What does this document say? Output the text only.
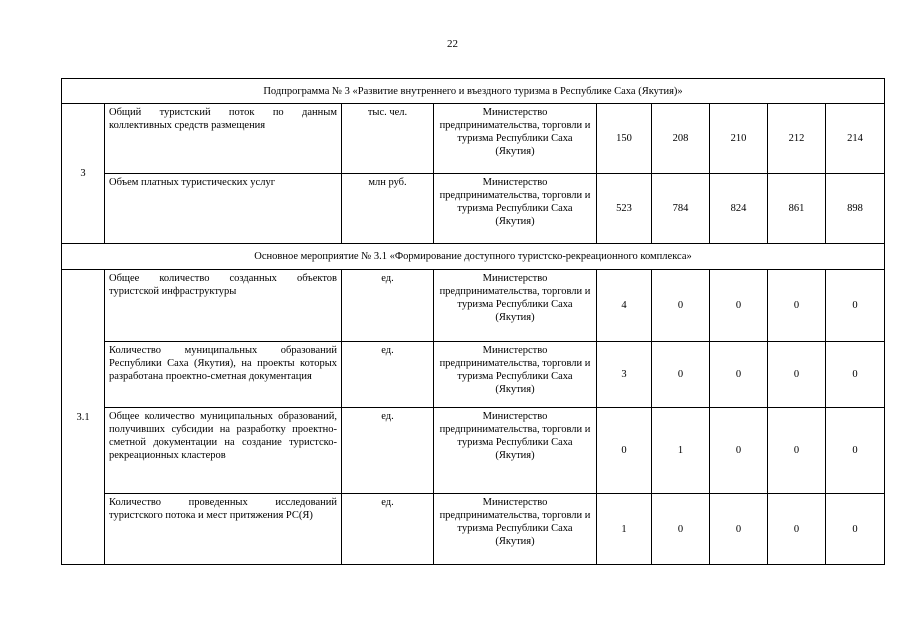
22
Подпрограмма № 3 «Развитие внутреннего и въездного туризма в Республике Саха (Якутия)»								
3	Общий туристский поток по данным коллективных средств размещения	тыс. чел.	Министерство предпринимательства, торговли и туризма Республики Саха (Якутия)	150	208	210	212	214
	Объем платных туристических услуг	млн руб.	Министерство предпринимательства, торговли и туризма Республики Саха (Якутия)	523	784	824	861	898
Основное мероприятие № 3.1 «Формирование доступного туристско-рекреационного комплекса»								
3.1	Общее количество созданных объектов туристской инфраструктуры	ед.	Министерство предпринимательства, торговли и туризма Республики Саха (Якутия)	4	0	0	0	0
	Количество муниципальных образований Республики Саха (Якутия), на проекты которых разработана проектно-сметная документация	ед.	Министерство предпринимательства, торговли и туризма Республики Саха (Якутия)	3	0	0	0	0
	Общее количество муниципальных образований, получивших субсидии на разработку проектно-сметной документации на создание туристско-рекреационных кластеров	ед.	Министерство предпринимательства, торговли и туризма Республики Саха (Якутия)	0	1	0	0	0
	Количество проведенных исследований туристского потока и мест притяжения РС(Я)	ед.	Министерство предпринимательства, торговли и туризма Республики Саха (Якутия)	1	0	0	0	0
